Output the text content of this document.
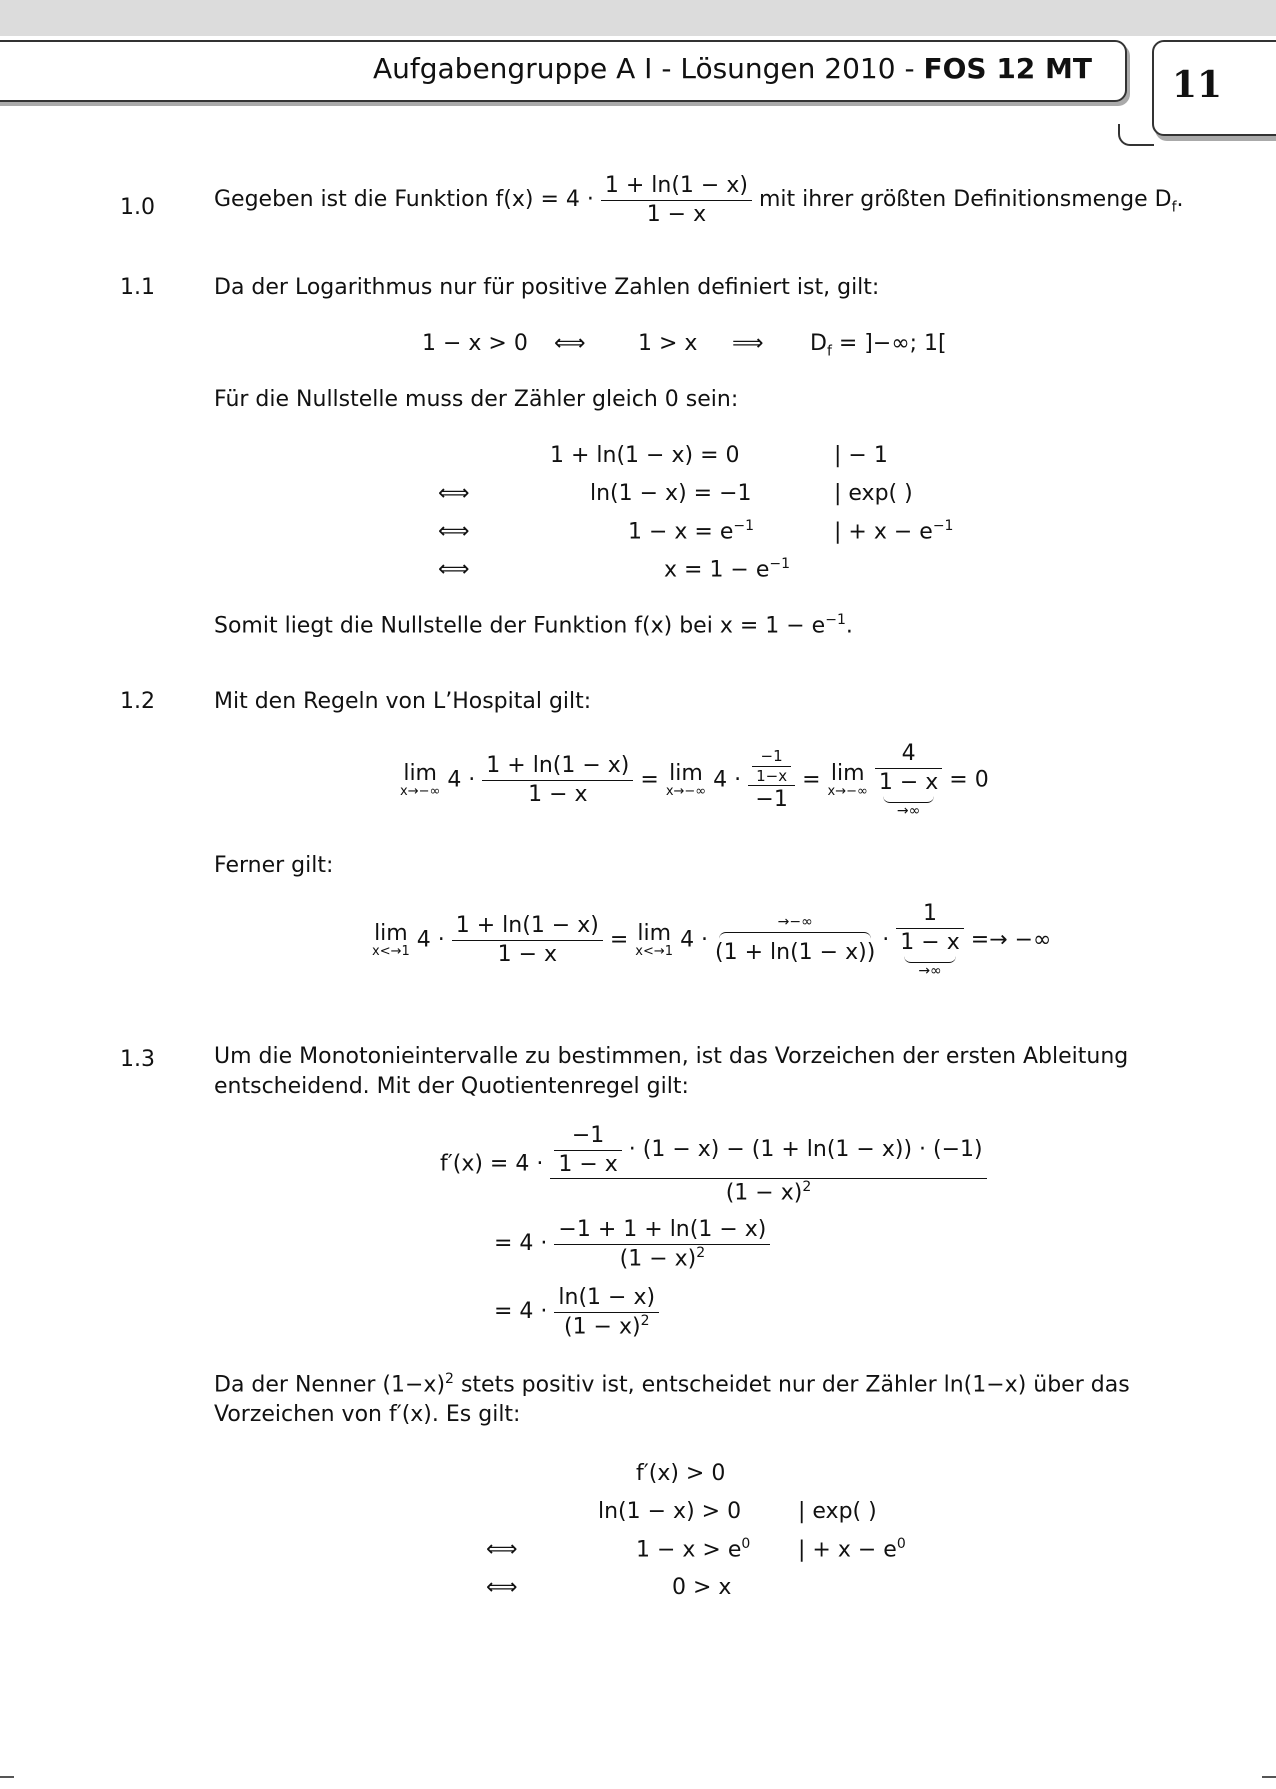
Aufgabengruppe A I - Lösungen 2010 - FOS 12 MT 11
1.0	Gegeben ist die Funktion $f(x) = 4 \cdot \frac{1 + \ln(1 - x)}{1 - x}$ mit ihrer größten Definitionsmenge $D_f$.
1.1	Da der Logarithmus nur für positive Zahlen definiert ist, gilt:
1 − x > 0 ⟺ 1 > x ⟹ $D_f$ = ]−∞; 1[
Für die Nullstelle muss der Zähler gleich 0 sein:
1 + ln(1 − x) = 0	| − 1
⟺	ln(1 − x) = −1	| exp( )
⟺	$1 - x = e^{-1}$	| + $x - e^{-1}$
⟺	$x = 1 - e^{-1}$
Somit liegt die Nullstelle der Funktion f(x) bei $x = 1 - e^{-1}$.
1.2	Mit den Regeln von L’Hospital gilt:
lim
x→−∞ $4 \cdot \frac{1 + \ln(1 - x)}{1 - x} = \lim$
x→−∞ $4 \cdot \frac{\frac{-1}{1-x}}{-1} = \lim$
x→−∞
4
1 − x
→∞ = 0
Ferner gilt:
lim
x<→1 $4 \cdot \frac{1 + \ln(1 - x)}{1 - x} = \lim$
x<→1 4 ·
→−∞
(1 + ln(1 − x)) · 1
1 − x
→∞ =→ −∞
1.3	Um die Monotonieintervalle zu bestimmen, ist das Vorzeichen der ersten Ableitung entscheidend. Mit der Quotientenregel gilt:
$f'(x) = 4 \cdot \frac{\frac{-1}{1 - x} \cdot (1 - x) - (1 + \ln(1 - x)) \cdot (-1)}{(1 - x)^2}$
= $4 \cdot \frac{-1 + 1 + \ln(1 - x)}{(1 - x)^2}$
= $4 \cdot \frac{\ln(1 - x)}{(1 - x)^2}$
Da der Nenner $(1-x)^2$ stets positiv ist, entscheidet nur der Zähler ln(1−x) über das Vorzeichen von f′(x). Es gilt:
f′(x) > 0
ln(1 − x) > 0	| exp( )
⟺	$1 - x > e^0$ | + $x - e^0$
⟺	0 > x
